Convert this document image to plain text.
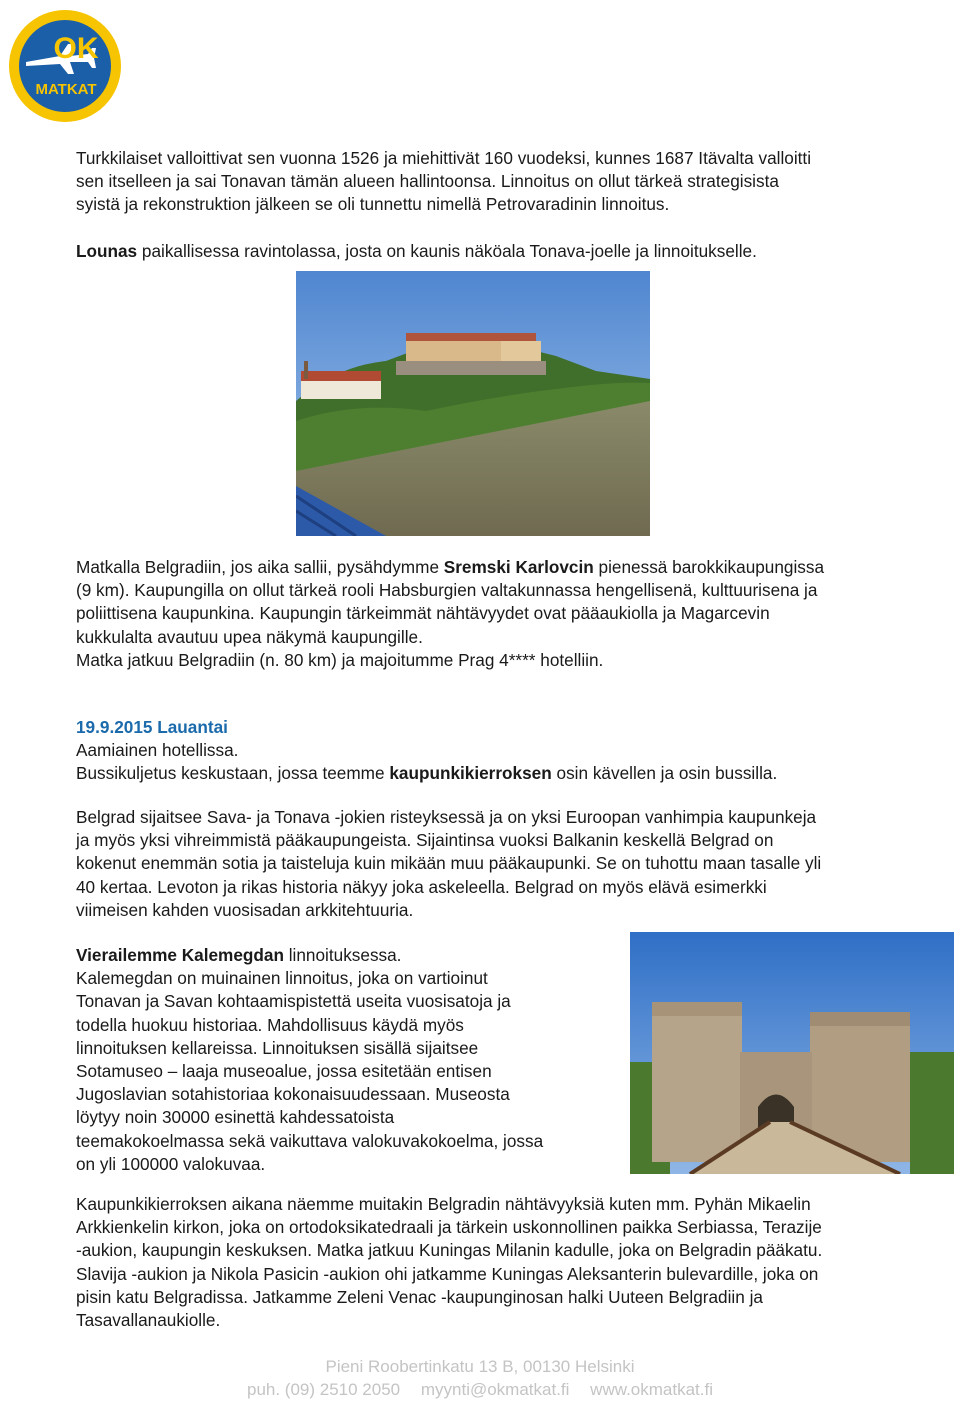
OK
MATKAT
Turkkilaiset valloittivat sen vuonna 1526 ja miehittivät 160 vuodeksi, kunnes 1687 Itävalta valloitti
sen itselleen ja sai Tonavan tämän alueen hallintoonsa. Linnoitus on ollut tärkeä strategisista
syistä ja rekonstruktion jälkeen se oli tunnettu nimellä Petrovaradinin linnoitus.
Lounas paikallisessa ravintolassa, josta on kaunis näköala Tonava-joelle ja linnoitukselle.
Matkalla Belgradiin, jos aika sallii, pysähdymme Sremski Karlovcin pienessä barokkikaupungissa
(9 km). Kaupungilla on ollut tärkeä rooli Habsburgien valtakunnassa hengellisenä, kulttuurisena ja
poliittisena kaupunkina. Kaupungin tärkeimmät nähtävyydet ovat pääaukiolla ja Magarcevin
kukkulalta avautuu upea näkymä kaupungille.
Matka jatkuu Belgradiin (n. 80 km) ja majoitumme Prag 4**** hotelliin.
19.9.2015 Lauantai
Aamiainen hotellissa.
Bussikuljetus keskustaan, jossa teemme kaupunkikierroksen osin kävellen ja osin bussilla.
Belgrad sijaitsee Sava- ja Tonava -jokien risteyksessä ja on yksi Euroopan vanhimpia kaupunkeja
ja myös yksi vihreimmistä pääkaupungeista. Sijaintinsa vuoksi Balkanin keskellä Belgrad on
kokenut enemmän sotia ja taisteluja kuin mikään muu pääkaupunki. Se on tuhottu maan tasalle yli
40 kertaa. Levoton ja rikas historia näkyy joka askeleella. Belgrad on myös elävä esimerkki
viimeisen kahden vuosisadan arkkitehtuuria.
Vierailemme Kalemegdan linnoituksessa.
Kalemegdan on muinainen linnoitus, joka on vartioinut
Tonavan ja Savan kohtaamispistettä useita vuosisatoja ja
todella huokuu historiaa. Mahdollisuus käydä myös
linnoituksen kellareissa. Linnoituksen sisällä sijaitsee
Sotamuseo – laaja museoalue, jossa esitetään entisen
Jugoslavian sotahistoriaa kokonaisuudessaan. Museosta
löytyy noin 30000 esinettä kahdessatoista
teemakokoelmassa sekä vaikuttava valokuvakokoelma, jossa
on yli 100000 valokuvaa.
Kaupunkikierroksen aikana näemme muitakin Belgradin nähtävyyksiä kuten mm. Pyhän Mikaelin
Arkkienkelin kirkon, joka on ortodoksikatedraali ja tärkein uskonnollinen paikka Serbiassa, Terazije
-aukion, kaupungin keskuksen. Matka jatkuu Kuningas Milanin kadulle, joka on Belgradin pääkatu.
Slavija -aukion ja Nikola Pasicin -aukion ohi jatkamme Kuningas Aleksanterin bulevardille, joka on
pisin katu Belgradissa. Jatkamme Zeleni Venac -kaupunginosan halki Uuteen Belgradiin ja
Tasavallanaukiolle.
Pieni Roobertinkatu 13 B, 00130 Helsinki
puh. (09) 2510 2050 myynti@okmatkat.fi www.okmatkat.fi
